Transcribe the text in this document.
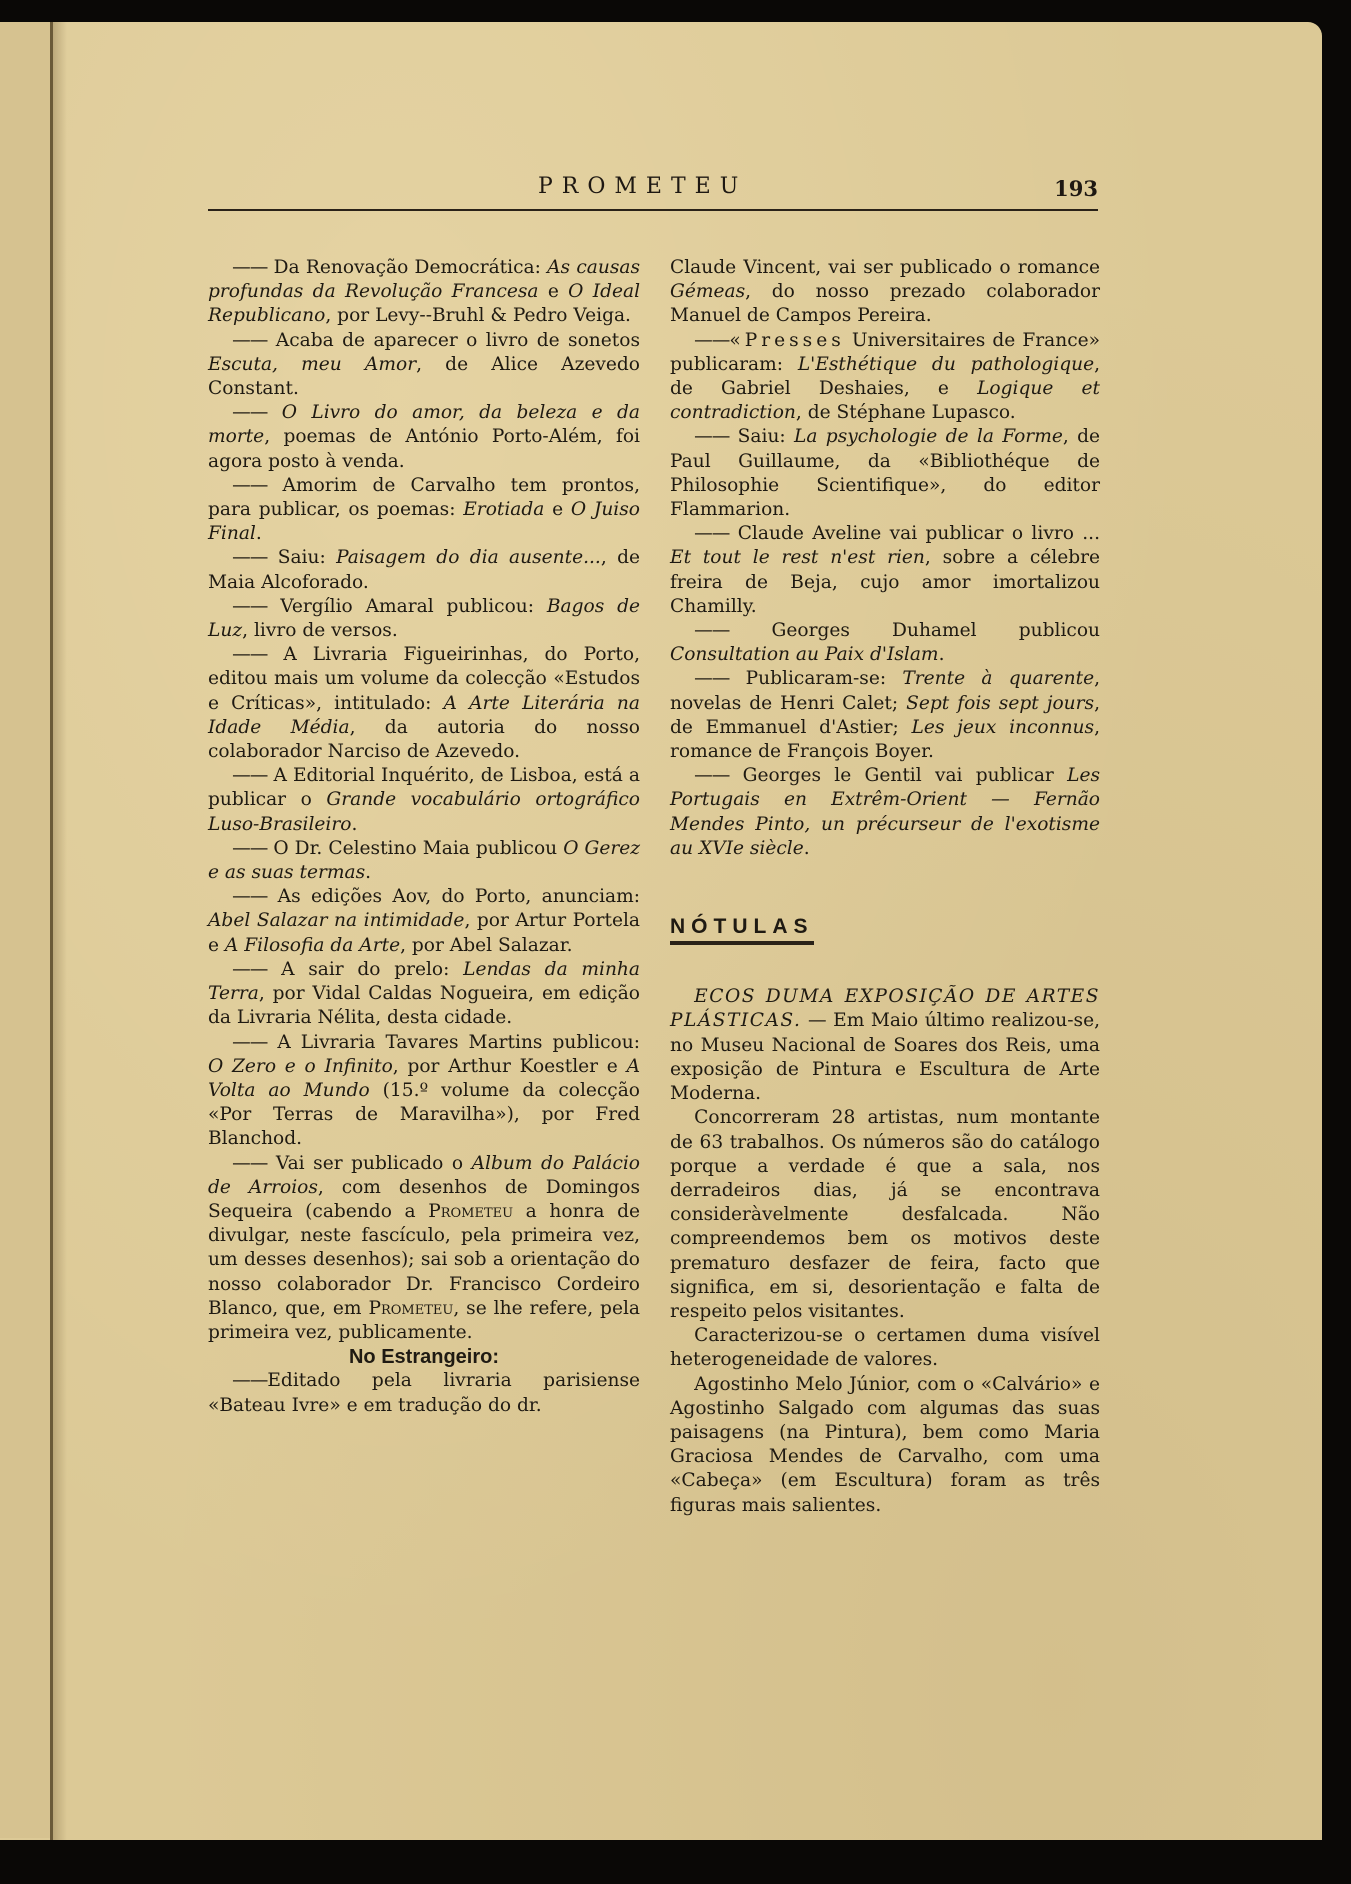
PROMETEU	193

—— Da Renovação Democrática: As causas profundas da Revolução Francesa e O Ideal Republicano, por Levy--Bruhl & Pedro Veiga.

—— Acaba de aparecer o livro de sonetos Escuta, meu Amor, de Alice Azevedo Constant.

—— O Livro do amor, da beleza e da morte, poemas de António Porto-Além, foi agora posto à venda.

—— Amorim de Carvalho tem prontos, para publicar, os poemas: Erotiada e O Juiso Final.

—— Saiu: Paisagem do dia ausente..., de Maia Alcoforado.

—— Vergílio Amaral publicou: Bagos de Luz, livro de versos.

—— A Livraria Figueirinhas, do Porto, editou mais um volume da colecção «Estudos e Críticas», intitulado: A Arte Literária na Idade Média, da autoria do nosso colaborador Narciso de Azevedo.

—— A Editorial Inquérito, de Lisboa, está a publicar o Grande vocabulário ortográfico Luso-Brasileiro.

—— O Dr. Celestino Maia publicou O Gerez e as suas termas.

—— As edições Aov, do Porto, anunciam: Abel Salazar na intimidade, por Artur Portela e A Filosofia da Arte, por Abel Salazar.

—— A sair do prelo: Lendas da minha Terra, por Vidal Caldas Nogueira, em edição da Livraria Nélita, desta cidade.

—— A Livraria Tavares Martins publicou: O Zero e o Infinito, por Arthur Koestler e A Volta ao Mundo (15.º volume da colecção «Por Terras de Maravilha»), por Fred Blanchod.

—— Vai ser publicado o Album do Palácio de Arroios, com desenhos de Domingos Sequeira (cabendo a Prometeu a honra de divulgar, neste fascículo, pela primeira vez, um desses desenhos); sai sob a orientação do nosso colaborador Dr. Francisco Cordeiro Blanco, que, em Prometeu, se lhe refere, pela primeira vez, publicamente.

No Estrangeiro:

——Editado pela livraria parisiense «Bateau Ivre» e em tradução do dr.

Claude Vincent, vai ser publicado o romance Gémeas, do nosso prezado colaborador Manuel de Campos Pereira.

——«Presses Universitaires de France» publicaram: L'Esthétique du pathologique, de Gabriel Deshaies, e Logique et contradiction, de Stéphane Lupasco.

—— Saiu: La psychologie de la Forme, de Paul Guillaume, da «Bibliothéque de Philosophie Scientifique», do editor Flammarion.

—— Claude Aveline vai publicar o livro ... Et tout le rest n'est rien, sobre a célebre freira de Beja, cujo amor imortalizou Chamilly.

—— Georges Duhamel publicou Consultation au Paix d'Islam.

—— Publicaram-se: Trente à quarente, novelas de Henri Calet; Sept fois sept jours, de Emmanuel d'Astier; Les jeux inconnus, romance de François Boyer.

—— Georges le Gentil vai publicar Les Portugais en Extrêm-Orient — Fernão Mendes Pinto, un précurseur de l'exotisme au XVIe siècle.

NÓTULAS

ECOS DUMA EXPOSIÇÃO DE ARTES PLÁSTICAS. — Em Maio último realizou-se, no Museu Nacional de Soares dos Reis, uma exposição de Pintura e Escultura de Arte Moderna.

Concorreram 28 artistas, num montante de 63 trabalhos. Os números são do catálogo porque a verdade é que a sala, nos derradeiros dias, já se encontrava consideràvelmente desfalcada. Não compreendemos bem os motivos deste prematuro desfazer de feira, facto que significa, em si, desorientação e falta de respeito pelos visitantes.

Caracterizou-se o certamen duma visível heterogeneidade de valores.

Agostinho Melo Júnior, com o «Calvário» e Agostinho Salgado com algumas das suas paisagens (na Pintura), bem como Maria Graciosa Mendes de Carvalho, com uma «Cabeça» (em Escultura) foram as três figuras mais salientes.
